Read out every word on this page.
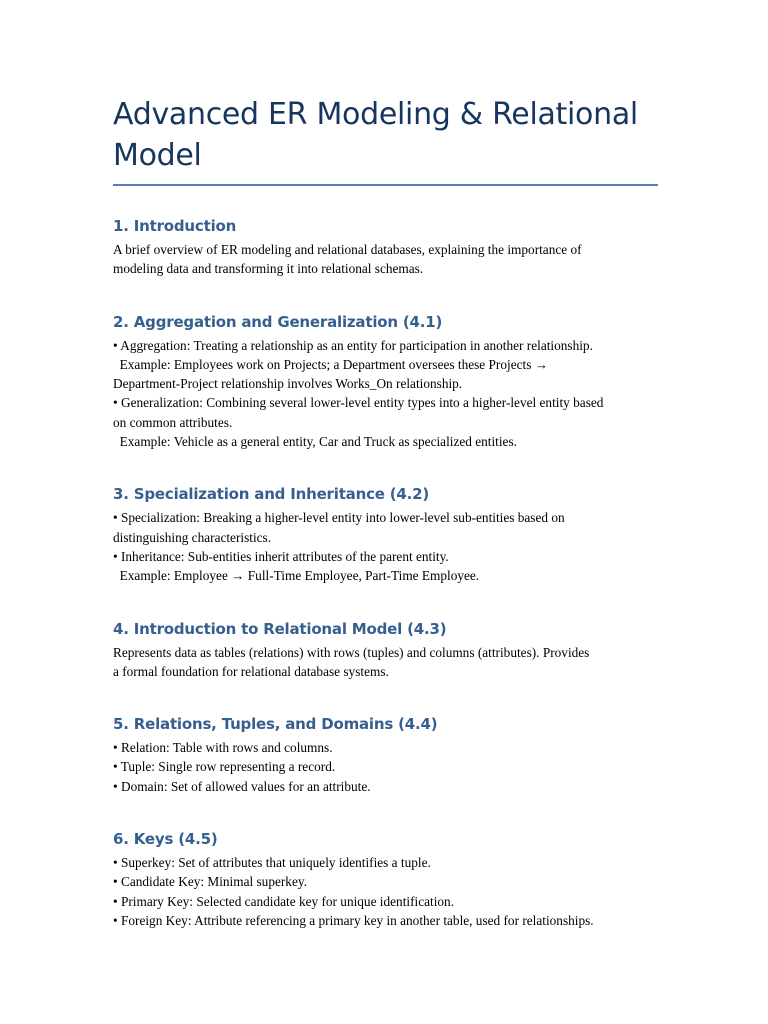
Advanced ER Modeling & Relational Model
1. Introduction

A brief overview of ER modeling and relational databases, explaining the importance of
modeling data and transforming it into relational schemas.

2. Aggregation and Generalization (4.1)

• Aggregation: Treating a relationship as an entity for participation in another relationship.
Example: Employees work on Projects; a Department oversees these Projects →
Department-Project relationship involves Works_On relationship.
• Generalization: Combining several lower-level entity types into a higher-level entity based
on common attributes.
Example: Vehicle as a general entity, Car and Truck as specialized entities.

3. Specialization and Inheritance (4.2)

• Specialization: Breaking a higher-level entity into lower-level sub-entities based on
distinguishing characteristics.
• Inheritance: Sub-entities inherit attributes of the parent entity.
Example: Employee → Full-Time Employee, Part-Time Employee.

4. Introduction to Relational Model (4.3)

Represents data as tables (relations) with rows (tuples) and columns (attributes). Provides
a formal foundation for relational database systems.

5. Relations, Tuples, and Domains (4.4)

• Relation: Table with rows and columns.
• Tuple: Single row representing a record.
• Domain: Set of allowed values for an attribute.

6. Keys (4.5)

• Superkey: Set of attributes that uniquely identifies a tuple.
• Candidate Key: Minimal superkey.
• Primary Key: Selected candidate key for unique identification.
• Foreign Key: Attribute referencing a primary key in another table, used for relationships.
